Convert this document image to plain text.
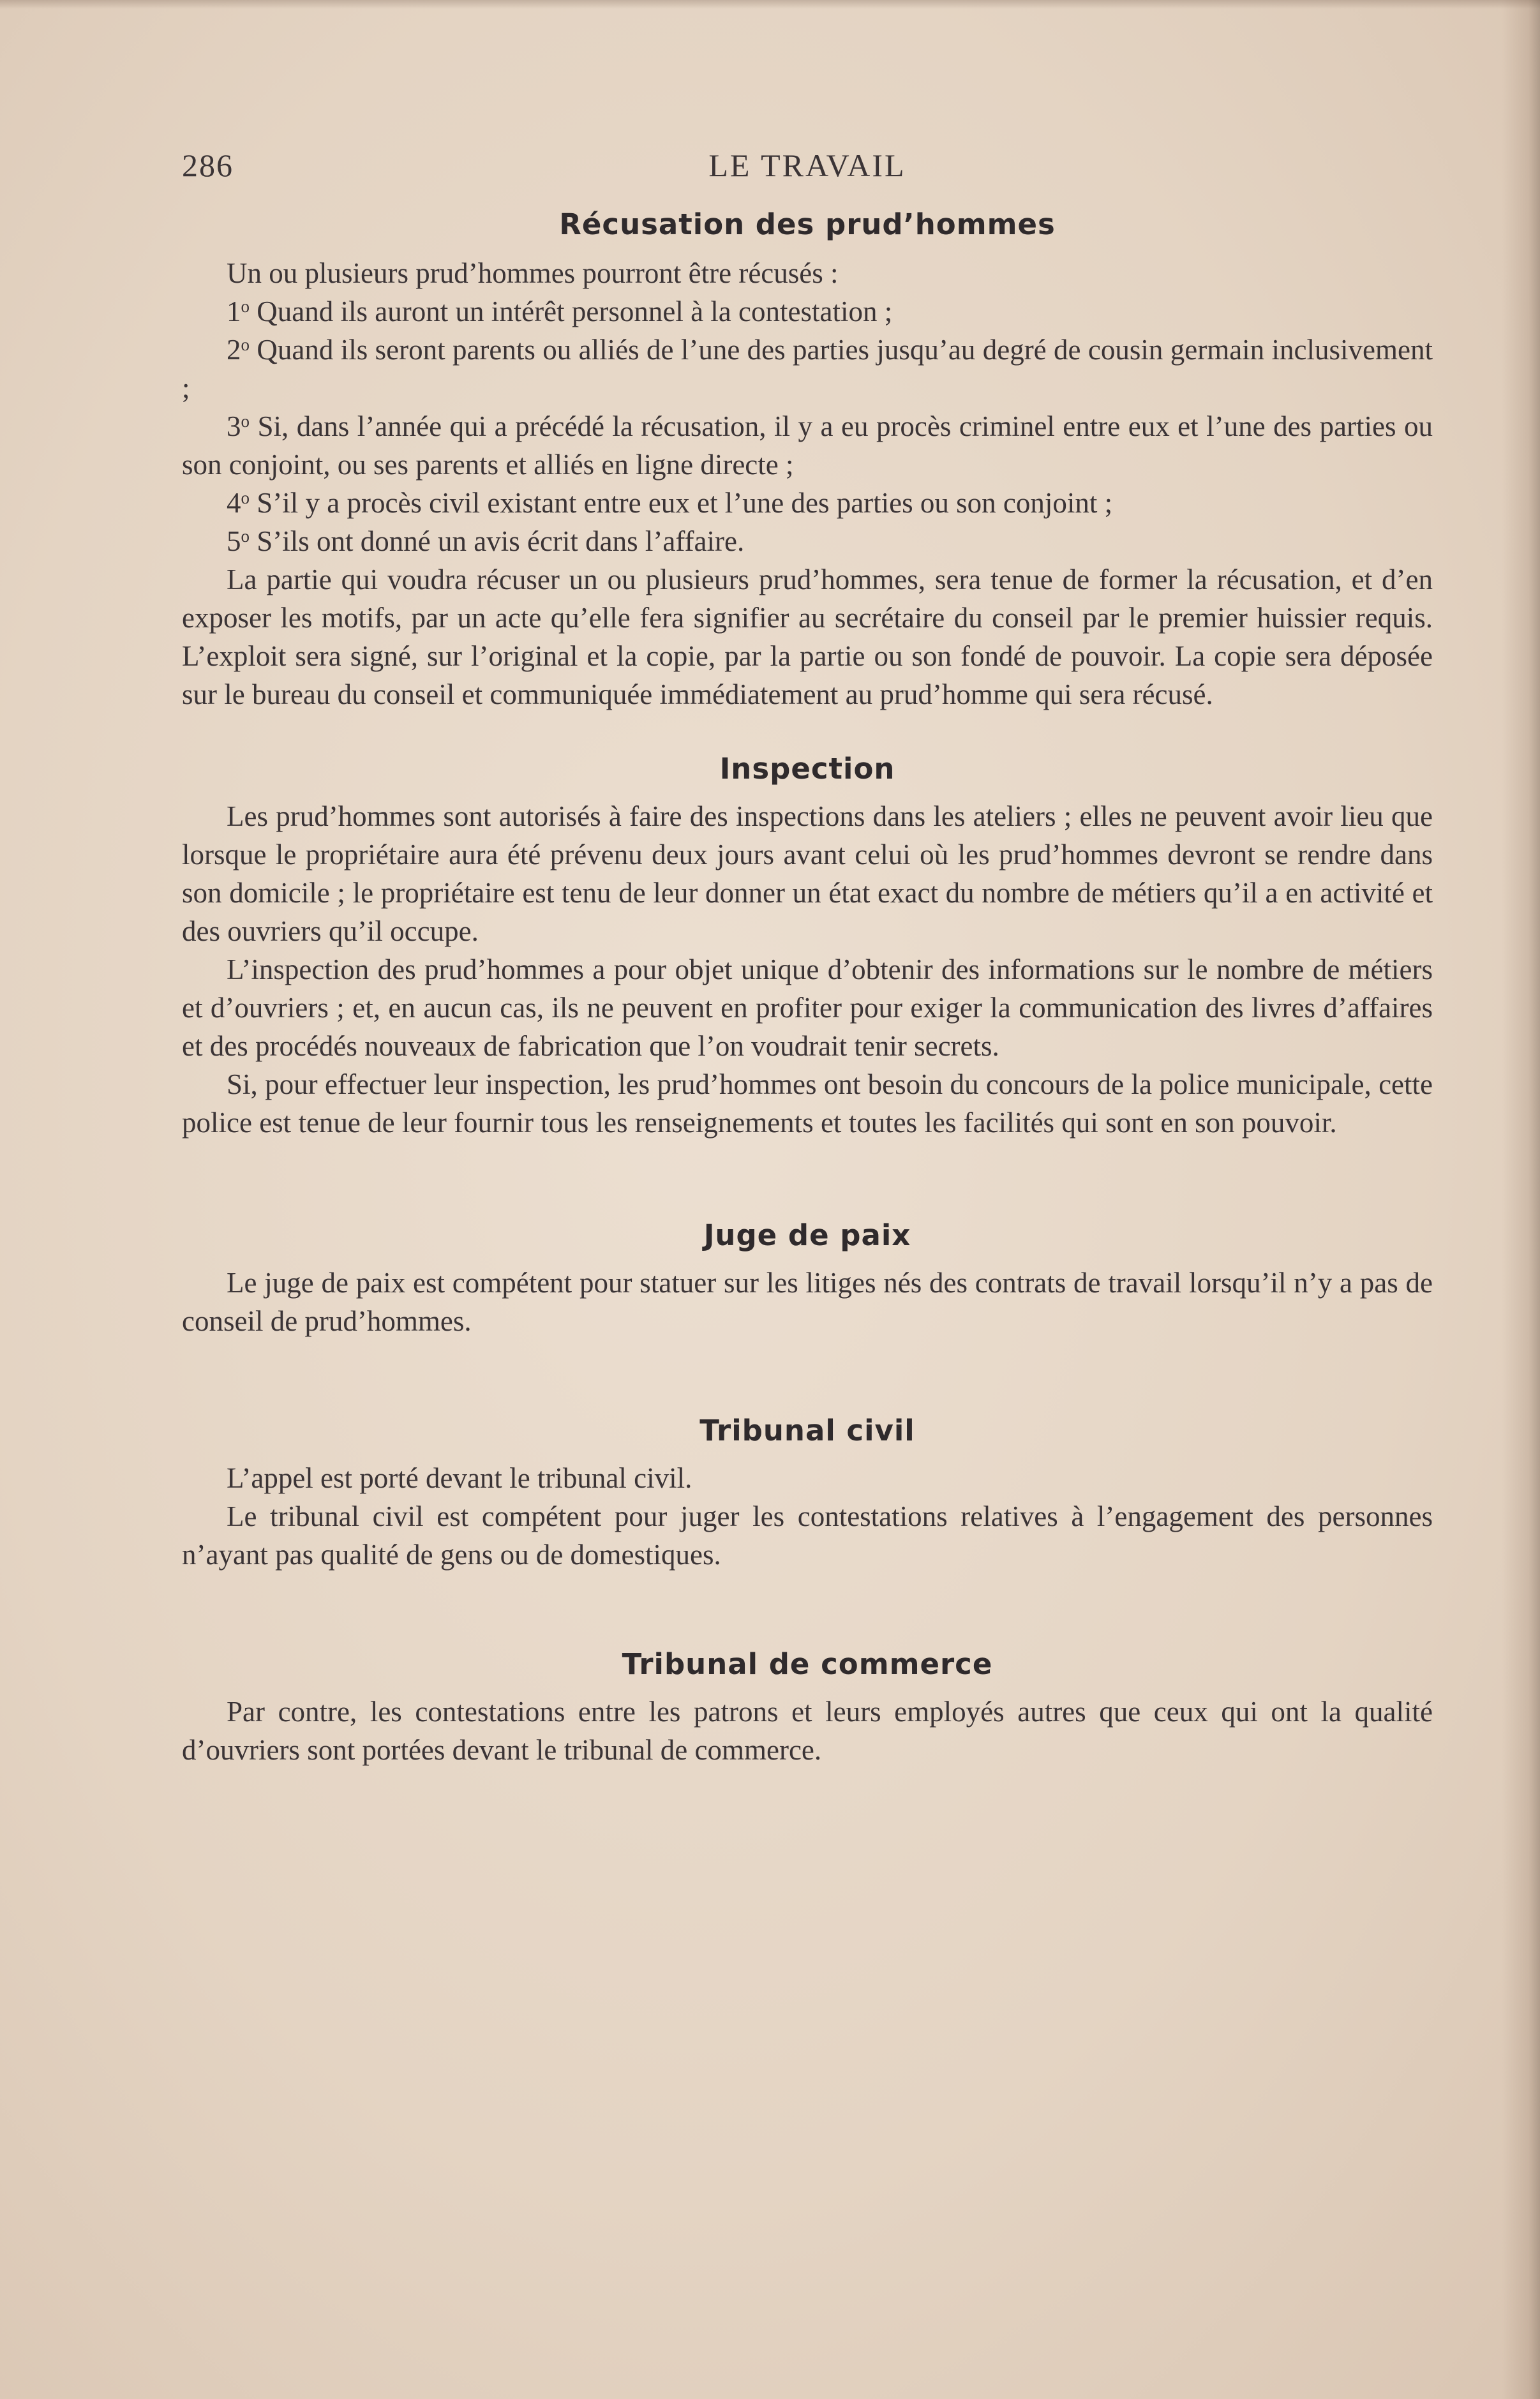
286	LE TRAVAIL
Récusation des prud’hommes

Un ou plusieurs prud’hommes pourront être récusés :

1$^o$ Quand ils auront un intérêt personnel à la contestation ;

2$^o$ Quand ils seront parents ou alliés de l’une des parties jusqu’au degré de cousin germain inclusivement ;

3$^o$ Si, dans l’année qui a précédé la récusation, il y a eu procès criminel entre eux et l’une des parties ou son conjoint, ou ses parents et alliés en ligne directe ;

4$^o$ S’il y a procès civil existant entre eux et l’une des parties ou son conjoint ;

5$^o$ S’ils ont donné un avis écrit dans l’affaire.

La partie qui voudra récuser un ou plusieurs prud’hommes, sera tenue de former la récusation, et d’en exposer les motifs, par un acte qu’elle fera signifier au secrétaire du conseil par le premier huissier requis. L’exploit sera signé, sur l’original et la copie, par la partie ou son fondé de pouvoir. La copie sera déposée sur le bureau du conseil et communiquée immédiatement au prud’homme qui sera récusé.

Inspection

Les prud’hommes sont autorisés à faire des inspections dans les ateliers ; elles ne peuvent avoir lieu que lorsque le propriétaire aura été prévenu deux jours avant celui où les prud’hommes devront se rendre dans son domicile ; le propriétaire est tenu de leur donner un état exact du nombre de métiers qu’il a en activité et des ouvriers qu’il occupe.

L’inspection des prud’hommes a pour objet unique d’obtenir des informations sur le nombre de métiers et d’ouvriers ; et, en aucun cas, ils ne peuvent en profiter pour exiger la communication des livres d’affaires et des procédés nouveaux de fabrication que l’on voudrait tenir secrets.

Si, pour effectuer leur inspection, les prud’hommes ont besoin du concours de la police municipale, cette police est tenue de leur fournir tous les renseignements et toutes les facilités qui sont en son pouvoir.

Juge de paix

Le juge de paix est compétent pour statuer sur les litiges nés des contrats de travail lorsqu’il n’y a pas de conseil de prud’hommes.

Tribunal civil

L’appel est porté devant le tribunal civil.

Le tribunal civil est compétent pour juger les contestations relatives à l’engagement des personnes n’ayant pas qualité de gens ou de domestiques.

Tribunal de commerce

Par contre, les contestations entre les patrons et leurs employés autres que ceux qui ont la qualité d’ouvriers sont portées devant le tribunal de commerce.
